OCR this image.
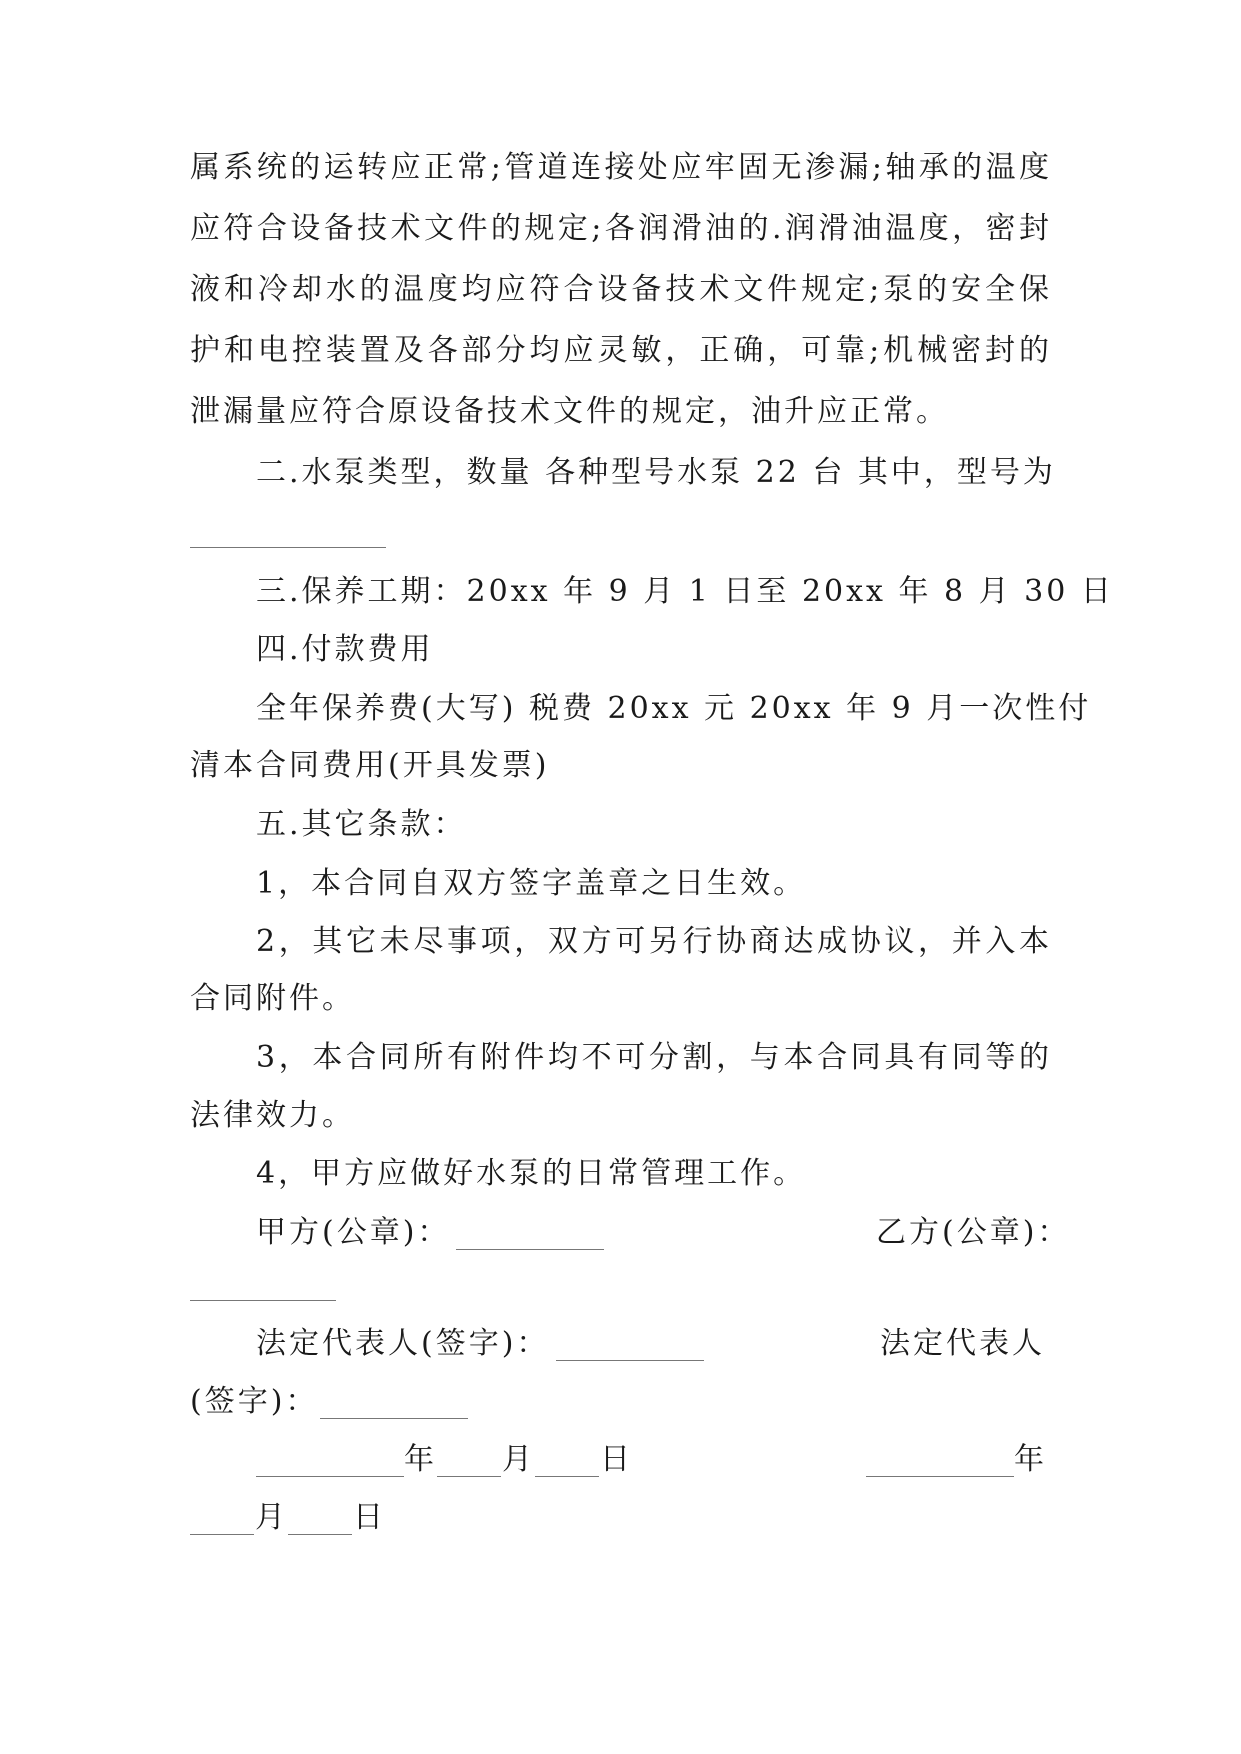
属系统的运转应正常;管道连接处应牢固无渗漏;轴承的温度
应符合设备技术文件的规定;各润滑油的.润滑油温度，密封
液和冷却水的温度均应符合设备技术文件规定;泵的安全保
护和电控装置及各部分均应灵敏，正确，可靠;机械密封的
泄漏量应符合原设备技术文件的规定，油升应正常。
二.水泵类型，数量 各种型号水泵 22 台 其中，型号为
三.保养工期：20xx 年 9 月 1 日至 20xx 年 8 月 30 日
四.付款费用
全年保养费(大写) 税费 20xx 元 20xx 年 9 月一次性付
清本合同费用(开具发票)
五.其它条款：
1，本合同自双方签字盖章之日生效。
2，其它未尽事项，双方可另行协商达成协议，并入本
合同附件。
3，本合同所有附件均不可分割，与本合同具有同等的
法律效力。
4，甲方应做好水泵的日常管理工作。
甲方(公章)：	乙方(公章)：
法定代表人(签字)：	法定代表人
(签字)：
年 月 日	年
月 日
